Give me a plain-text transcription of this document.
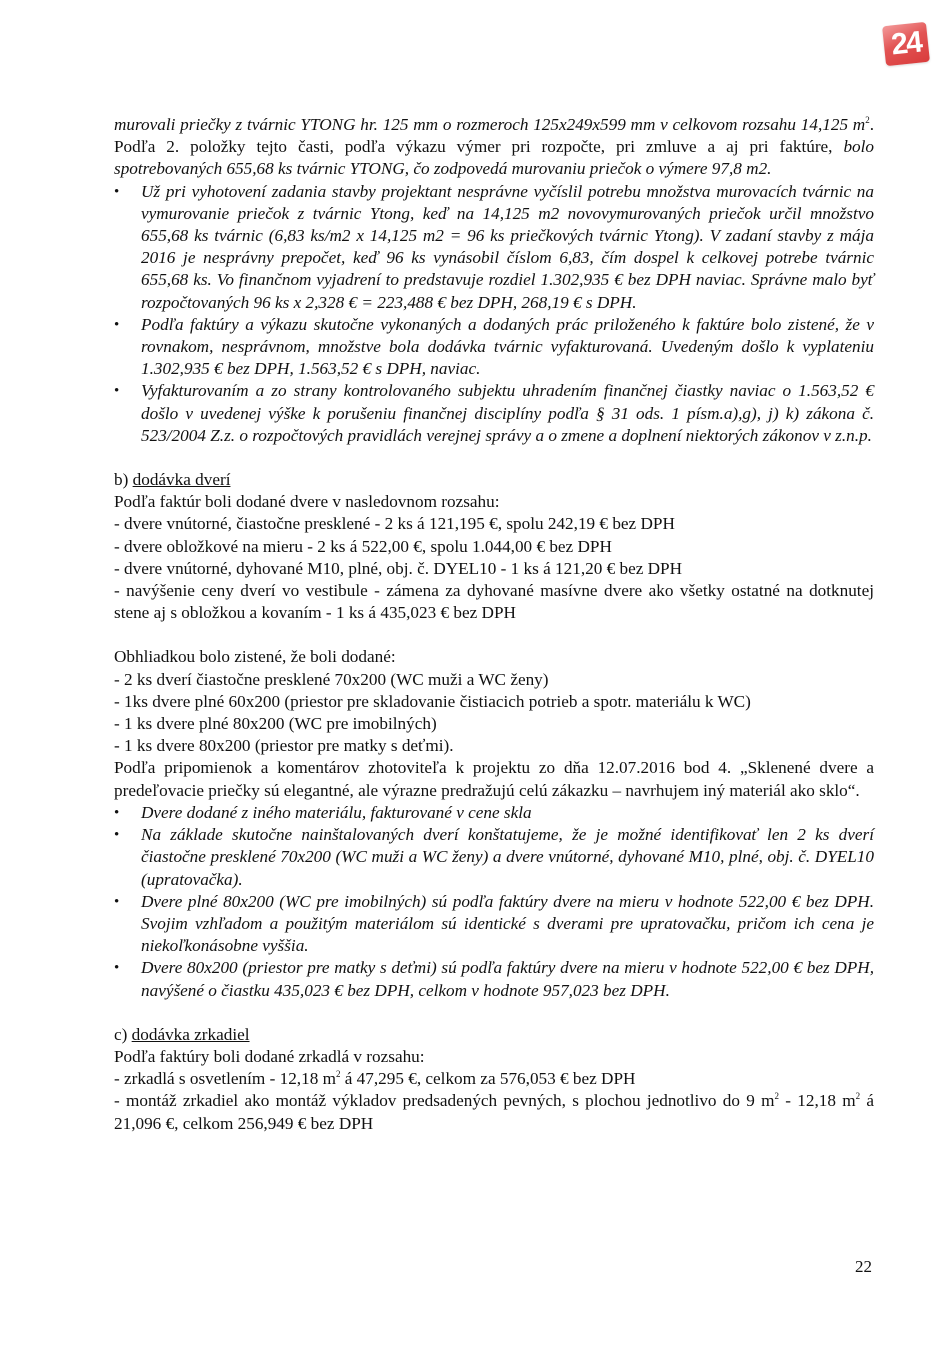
24

murovali priečky z tvárnic YTONG hr. 125 mm o rozmeroch 125x249x599 mm v celkovom rozsahu 14,125 $m^2$. Podľa 2. položky tejto časti, podľa výkazu výmer pri rozpočte, pri zmluve a aj pri faktúre, bolo spotrebovaných 655,68 ks tvárnic YTONG, čo zodpovedá murovaniu priečok o výmere 97,8 m2.

• Už pri vyhotovení zadania stavby projektant nesprávne vyčíslil potrebu množstva murovacích tvárnic na vymurovanie priečok z tvárnic Ytong, keď na 14,125 m2 novovymurovaných priečok určil množstvo 655,68 ks tvárnic (6,83 ks/m2 x 14,125 m2 = 96 ks priečkových tvárnic Ytong). V zadaní stavby z mája 2016 je nesprávny prepočet, keď 96 ks vynásobil číslom 6,83, čím dospel k celkovej potrebe tvárnic 655,68 ks. Vo finančnom vyjadrení to predstavuje rozdiel 1.302,935 € bez DPH naviac. Správne malo byť rozpočtovaných 96 ks x 2,328 € = 223,488 € bez DPH, 268,19 € s DPH.
• Podľa faktúry a výkazu skutočne vykonaných a dodaných prác priloženého k faktúre bolo zistené, že v rovnakom, nesprávnom, množstve bola dodávka tvárnic vyfakturovaná. Uvedeným došlo k vyplateniu 1.302,935 € bez DPH, 1.563,52 € s DPH, naviac.
• Vyfakturovaním a zo strany kontrolovaného subjektu uhradením finančnej čiastky naviac o 1.563,52 € došlo v uvedenej výške k porušeniu finančnej disciplíny podľa § 31 ods. 1 písm.a),g), j) k) zákona č. 523/2004 Z.z. o rozpočtových pravidlách verejnej správy a o zmene a doplnení niektorých zákonov v z.n.p.

b) dodávka dverí

Podľa faktúr boli dodané dvere v nasledovnom rozsahu:

- dvere vnútorné, čiastočne presklené - 2 ks á 121,195 €, spolu 242,19 € bez DPH

- dvere obložkové na mieru - 2 ks á 522,00 €, spolu 1.044,00 € bez DPH

- dvere vnútorné, dyhované M10, plné, obj. č. DYEL10 - 1 ks á 121,20 € bez DPH

- navýšenie ceny dverí vo vestibule - zámena za dyhované masívne dvere ako všetky ostatné na dotknutej stene aj s obložkou a kovaním - 1 ks á 435,023 € bez DPH

Obhliadkou bolo zistené, že boli dodané:

- 2 ks dverí čiastočne presklené 70x200 (WC muži a WC ženy)

- 1ks dvere plné 60x200 (priestor pre skladovanie čistiacich potrieb a spotr. materiálu k WC)

- 1 ks dvere plné 80x200 (WC pre imobilných)

- 1 ks dvere 80x200 (priestor pre matky s deťmi).

Podľa pripomienok a komentárov zhotoviteľa k projektu zo dňa 12.07.2016 bod 4. „Sklenené dvere a predeľovacie priečky sú elegantné, ale výrazne predražujú celú zákazku – navrhujem iný materiál ako sklo“.

• Dvere dodané z iného materiálu, fakturované v cene skla
• Na základe skutočne nainštalovaných dverí konštatujeme, že je možné identifikovať len 2 ks dverí čiastočne presklené 70x200 (WC muži a WC ženy) a dvere vnútorné, dyhované M10, plné, obj. č. DYEL10 (upratovačka).
• Dvere plné 80x200 (WC pre imobilných) sú podľa faktúry dvere na mieru v hodnote 522,00 € bez DPH. Svojim vzhľadom a použitým materiálom sú identické s dverami pre upratovačku, pričom ich cena je niekoľkonásobne vyššia.
• Dvere 80x200 (priestor pre matky s deťmi) sú podľa faktúry dvere na mieru v hodnote 522,00 € bez DPH, navýšené o čiastku 435,023 € bez DPH, celkom v hodnote 957,023 bez DPH.

c) dodávka zrkadiel

Podľa faktúry boli dodané zrkadlá v rozsahu:

- zrkadlá s osvetlením - 12,18 $m^2$ á 47,295 €, celkom za 576,053 € bez DPH

- montáž zrkadiel ako montáž výkladov predsadených pevných, s plochou jednotlivo do 9 $m^2 - 12,18$ $m^2$ á 21,096 €, celkom 256,949 € bez DPH

22
